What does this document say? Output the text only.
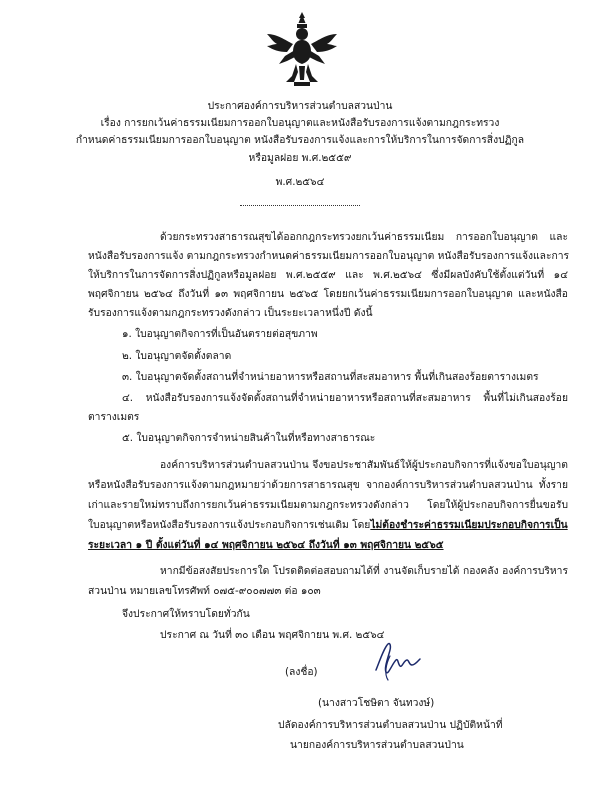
ประกาศองค์การบริหารส่วนตำบลสวนป่าน
เรื่อง การยกเว้นค่าธรรมเนียมการออกใบอนุญาตและหนังสือรับรองการแจ้งตามกฎกระทรวง
กำหนดค่าธรรมเนียมการออกใบอนุญาต หนังสือรับรองการแจ้งและการให้บริการในการจัดการสิ่งปฏิกูล
หรือมูลฝอย พ.ศ.๒๕๕๙
พ.ศ.๒๕๖๔
ด้วยกระทรวงสาธารณสุขได้ออกกฎกระทรวงยกเว้นค่าธรรมเนียม การออกใบอนุญาต และ
หนังสือรับรองการแจ้ง ตามกฎกระทรวงกำหนดค่าธรรมเนียมการออกใบอนุญาต หนังสือรับรองการแจ้งและการ
ให้บริการในการจัดการสิ่งปฏิกูลหรือมูลฝอย พ.ศ.๒๕๕๙ และ พ.ศ.๒๕๖๔ ซึ่งมีผลบังคับใช้ตั้งแต่วันที่ ๑๔
พฤศจิกายน ๒๕๖๔ ถึงวันที่ ๑๓ พฤศจิกายน ๒๕๖๕ โดยยกเว้นค่าธรรมเนียมการออกใบอนุญาต และหนังสือ
รับรองการแจ้งตามกฎกระทรวงดังกล่าว เป็นระยะเวลาหนึ่งปี ดังนี้
๑. ใบอนุญาตกิจการที่เป็นอันตรายต่อสุขภาพ
๒. ใบอนุญาตจัดตั้งตลาด
๓. ใบอนุญาตจัดตั้งสถานที่จำหน่ายอาหารหรือสถานที่สะสมอาหาร พื้นที่เกินสองร้อยตารางเมตร
๔. หนังสือรับรองการแจ้งจัดตั้งสถานที่จำหน่ายอาหารหรือสถานที่สะสมอาหาร พื้นที่ไม่เกินสองร้อย
ตารางเมตร
๕. ใบอนุญาตกิจการจำหน่ายสินค้าในที่หรือทางสาธารณะ
องค์การบริหารส่วนตำบลสวนป่าน จึงขอประชาสัมพันธ์ให้ผู้ประกอบกิจการที่แจ้งขอใบอนุญาต
หรือหนังสือรับรองการแจ้งตามกฎหมายว่าด้วยการสาธารณสุข จากองค์การบริหารส่วนตำบลสวนป่าน ทั้งราย
เก่าและรายใหม่ทราบถึงการยกเว้นค่าธรรมเนียมตามกฎกระทรวงดังกล่าว โดยให้ผู้ประกอบกิจการยื่นขอรับ
ใบอนุญาตหรือหนังสือรับรองการแจ้งประกอบกิจการเช่นเดิม โดยไม่ต้องชำระค่าธรรมเนียมประกอบกิจการเป็น
ระยะเวลา ๑ ปี ตั้งแต่วันที่ ๑๔ พฤศจิกายน ๒๕๖๔ ถึงวันที่ ๑๓ พฤศจิกายน ๒๕๖๕
หากมีข้อสงสัยประการใด โปรดติดต่อสอบถามได้ที่ งานจัดเก็บรายได้ กองคลัง องค์การบริหาร
สวนป่าน หมายเลขโทรศัพท์ ๐๗๕-๙๐๐๗๗๓ ต่อ ๑๐๓
จึงประกาศให้ทราบโดยทั่วกัน
ประกาศ ณ วันที่ ๓๐ เดือน พฤศจิกายน พ.ศ. ๒๕๖๔
(ลงชื่อ)
(นางสาวโชษิตา จันทวงษ์)
ปลัดองค์การบริหารส่วนตำบลสวนป่าน ปฏิบัติหน้าที่
นายกองค์การบริหารส่วนตำบลสวนป่าน
